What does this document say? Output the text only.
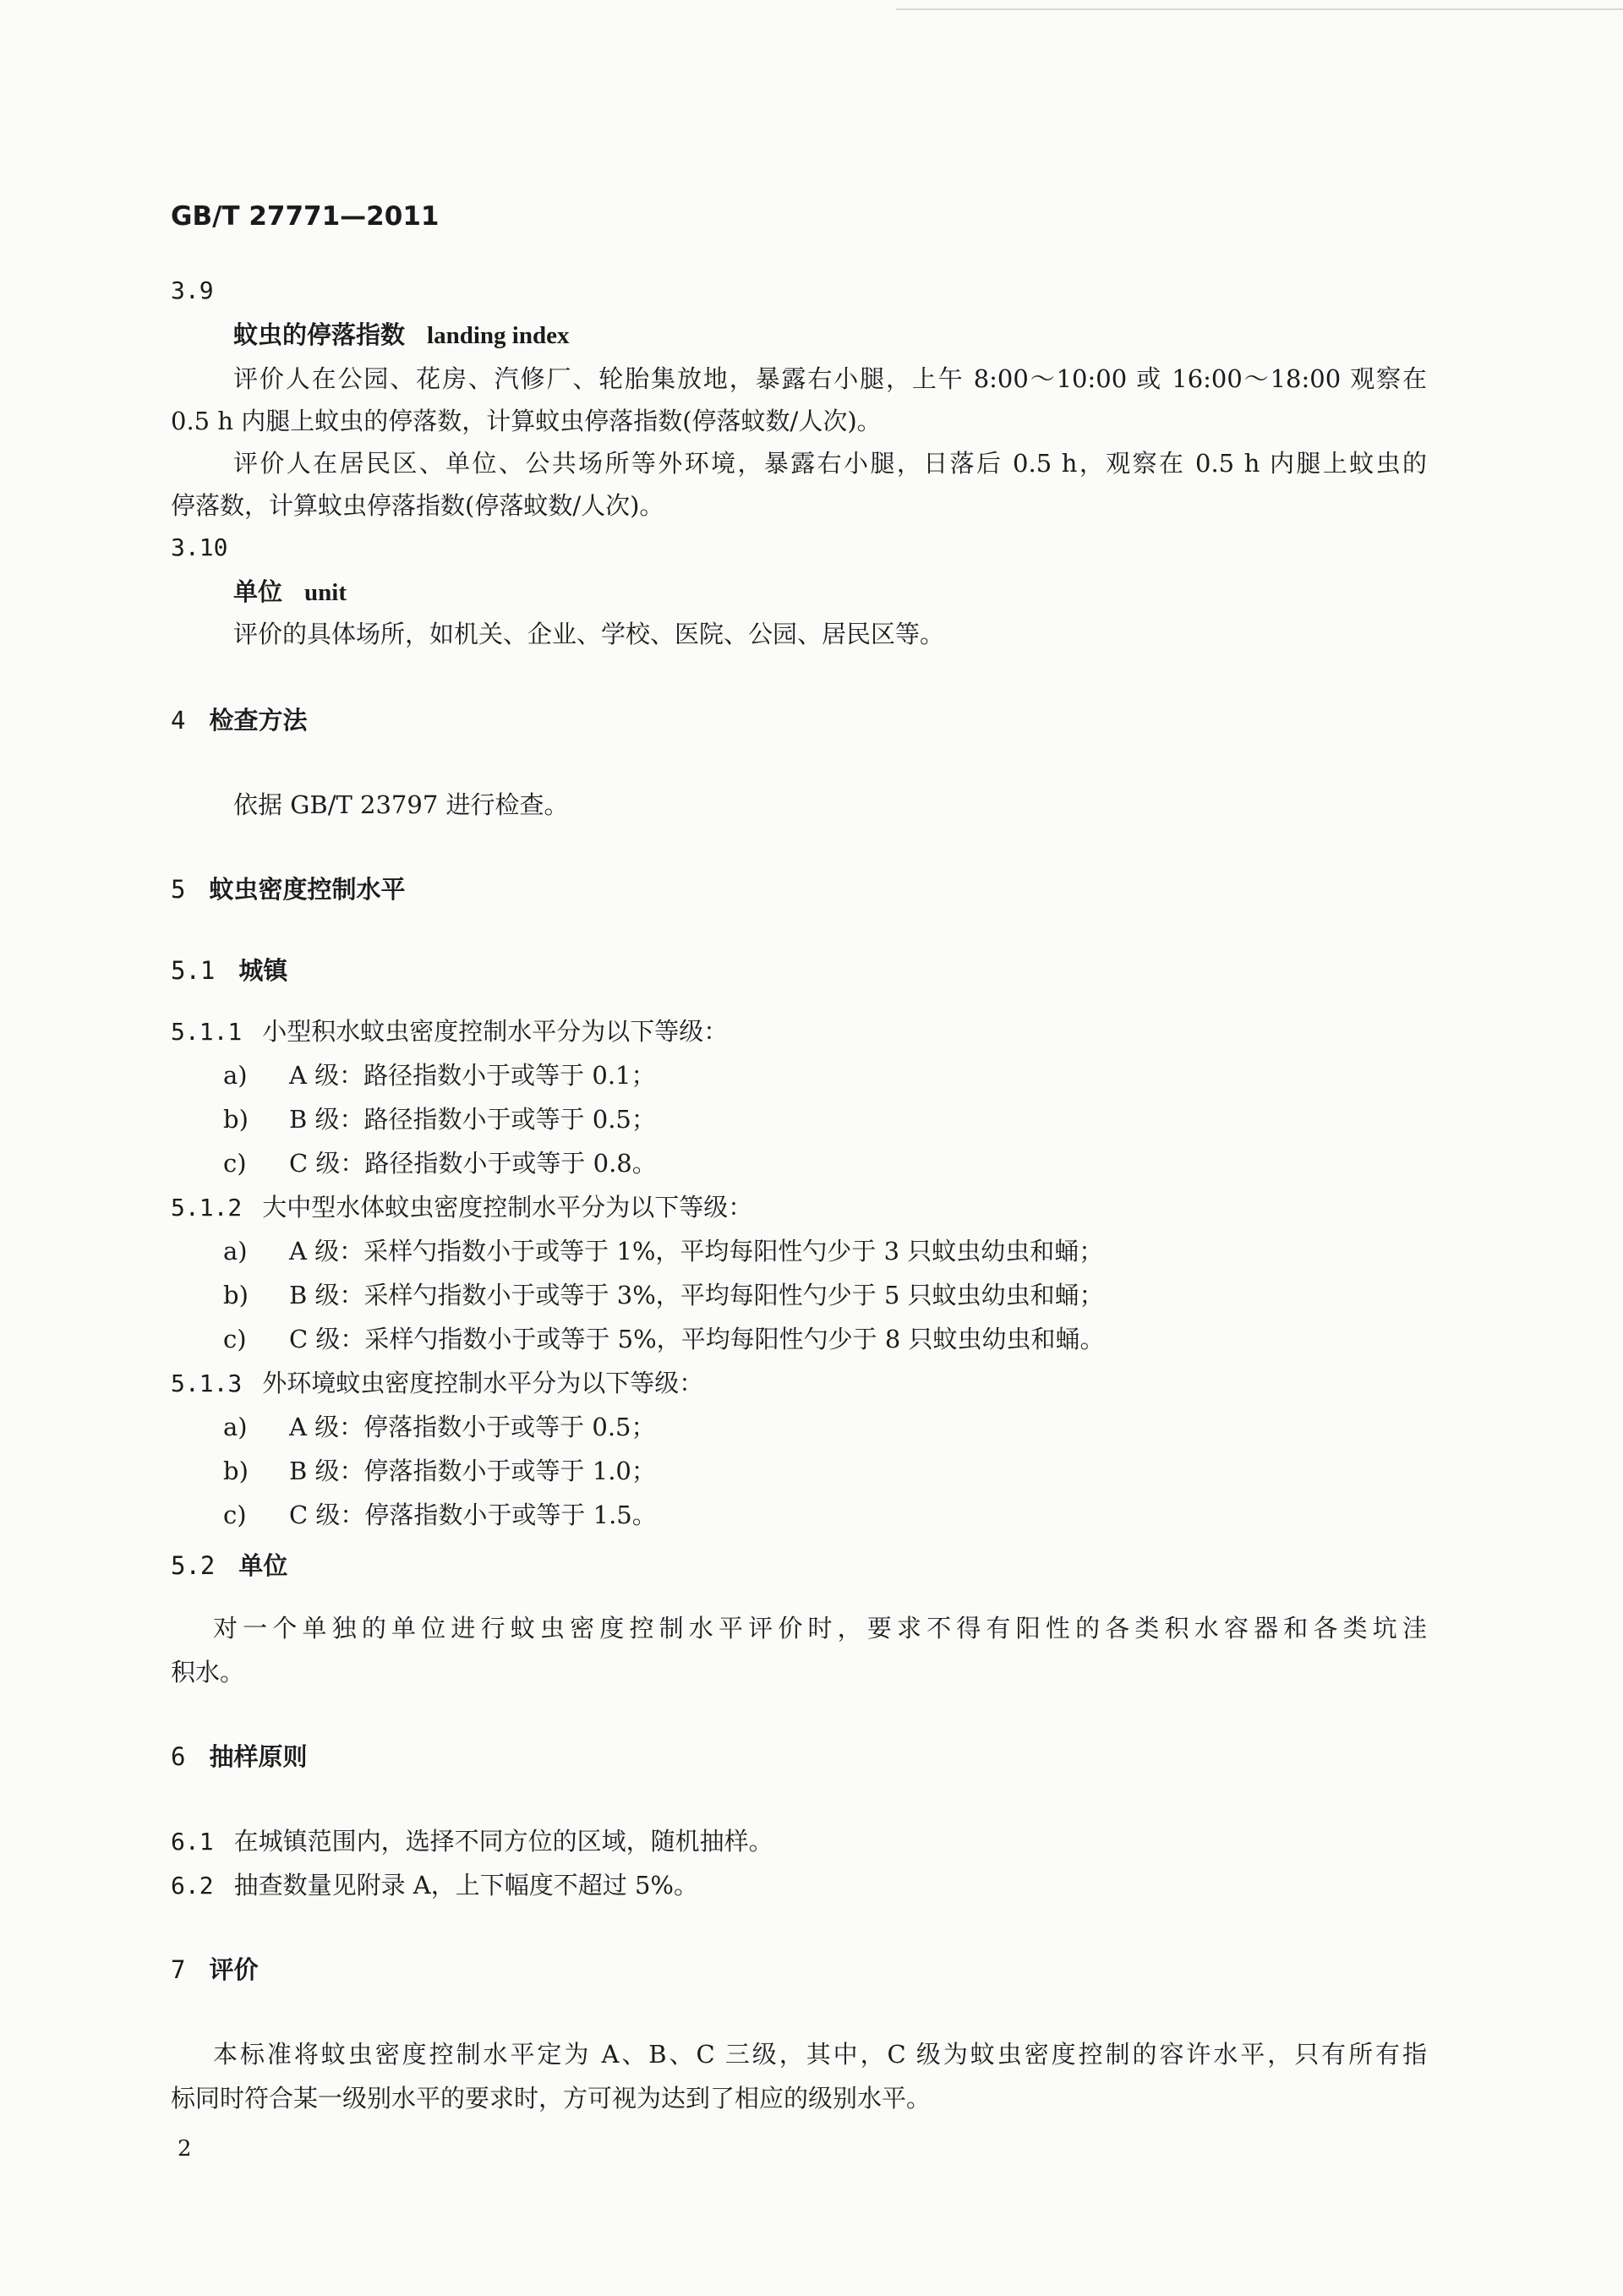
GB/T 27771—2011
3.9
蚊虫的停落指数 landing index
评价人在公园、花房、汽修厂、轮胎集放地，暴露右小腿，上午 8:00～10:00 或 16:00～18:00 观察在
0.5 h 内腿上蚊虫的停落数，计算蚊虫停落指数(停落蚊数/人次)。
评价人在居民区、单位、公共场所等外环境，暴露右小腿，日落后 0.5 h，观察在 0.5 h 内腿上蚊虫的
停落数，计算蚊虫停落指数(停落蚊数/人次)。
3.10
单位 unit
评价的具体场所，如机关、企业、学校、医院、公园、居民区等。
4 检查方法
依据 GB/T 23797 进行检查。
5 蚊虫密度控制水平
5.1 城镇
5.1.1 小型积水蚊虫密度控制水平分为以下等级：
a) A 级：路径指数小于或等于 0.1；
b) B 级：路径指数小于或等于 0.5；
c) C 级：路径指数小于或等于 0.8。
5.1.2 大中型水体蚊虫密度控制水平分为以下等级：
a) A 级：采样勺指数小于或等于 1%，平均每阳性勺少于 3 只蚊虫幼虫和蛹；
b) B 级：采样勺指数小于或等于 3%，平均每阳性勺少于 5 只蚊虫幼虫和蛹；
c) C 级：采样勺指数小于或等于 5%，平均每阳性勺少于 8 只蚊虫幼虫和蛹。
5.1.3 外环境蚊虫密度控制水平分为以下等级：
a) A 级：停落指数小于或等于 0.5；
b) B 级：停落指数小于或等于 1.0；
c) C 级：停落指数小于或等于 1.5。
5.2 单位
对一个单独的单位进行蚊虫密度控制水平评价时，要求不得有阳性的各类积水容器和各类坑洼
积水。
6 抽样原则
6.1 在城镇范围内，选择不同方位的区域，随机抽样。
6.2 抽查数量见附录 A，上下幅度不超过 5%。
7 评价
本标准将蚊虫密度控制水平定为 A、B、C 三级，其中，C 级为蚊虫密度控制的容许水平，只有所有指
标同时符合某一级别水平的要求时，方可视为达到了相应的级别水平。
2
